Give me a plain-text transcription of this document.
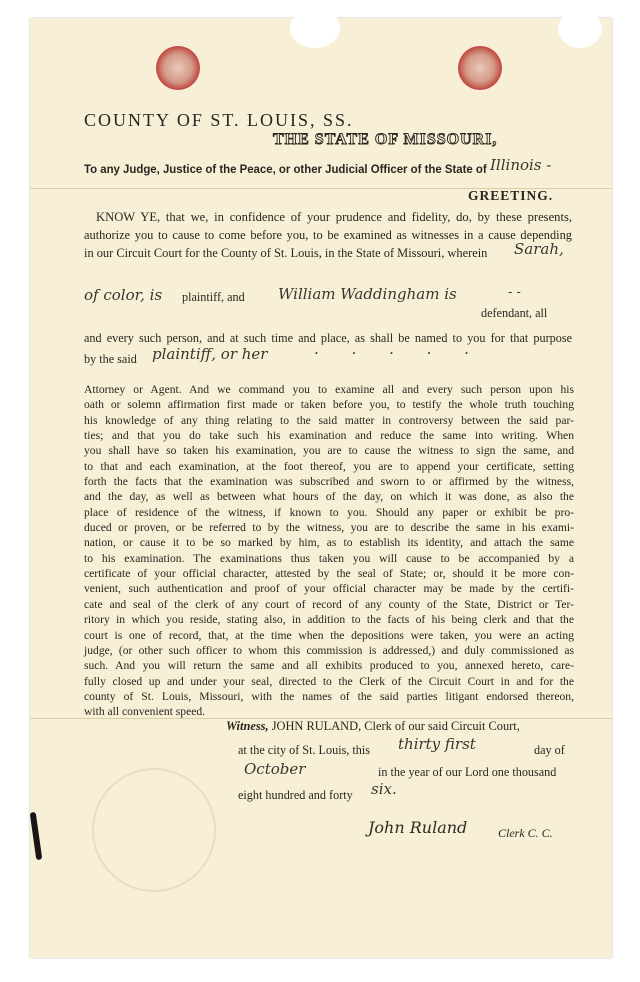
COUNTY OF ST. LOUIS, SS.
THE STATE OF MISSOURI,
To any Judge, Justice of the Peace, or other Judicial Officer of the State of Illinois -
GREETING.
KNOW YE, that we, in confidence of your prudence and fidelity, do, by these presents,
authorize you to cause to come before you, to be examined as witnesses in a cause depending
in our Circuit Court for the County of St. Louis, in the State of Missouri, wherein Sarah,
of color, is plaintiff, and William Waddingham is	- -
defendant, all
and every such person, and at such time and place, as shall be named to you for that purpose
by the said plaintiff, or her	. . . . .
Attorney or Agent. And we command you to examine all and every such person upon his
oath or solemn affirmation first made or taken before you, to testify the whole truth touching
his knowledge of any thing relating to the said matter in controversy between the said par-
ties; and that you do take such his examination and reduce the same into writing. When
you shall have so taken his examination, you are to cause the witness to sign the same, and
to that and each examination, at the foot thereof, you are to append your certificate, setting
forth the facts that the examination was subscribed and sworn to or affirmed by the witness,
and the day, as well as between what hours of the day, on which it was done, as also the
place of residence of the witness, if known to you. Should any paper or exhibit be pro-
duced or proven, or be referred to by the witness, you are to describe the same in his exami-
nation, or cause it to be so marked by him, as to establish its identity, and attach the same
to his examination. The examinations thus taken you will cause to be accompanied by a
certificate of your official character, attested by the seal of State; or, should it be more con-
venient, such authentication and proof of your official character may be made by the certifi-
cate and seal of the clerk of any court of record of any county of the State, District or Ter-
ritory in which you reside, stating also, in addition to the facts of his being clerk and that the
court is one of record, that, at the time when the depositions were taken, you were an acting
judge, (or other such officer to whom this commission is addressed,) and duly commissioned as
such. And you will return the same and all exhibits produced to you, annexed hereto, care-
fully closed up and under your seal, directed to the Clerk of the Circuit Court in and for the
county of St. Louis, Missouri, with the names of the said parties litigant endorsed thereon,
with all convenient speed.
Witness, JOHN RULAND, Clerk of our said Circuit Court,
at the city of St. Louis, this thirty first	day of
October	in the year of our Lord one thousand
eight hundred and forty six.
John Ruland	Clerk C. C.
